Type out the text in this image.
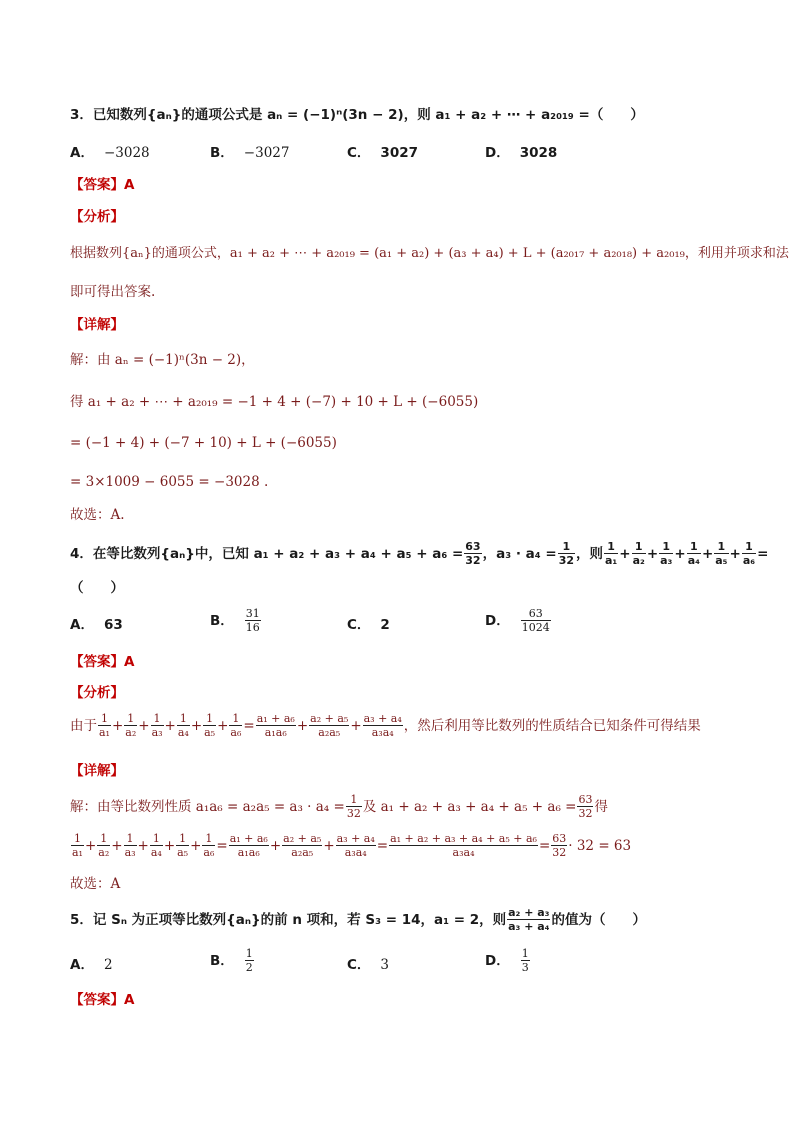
3．已知数列{aₙ}的通项公式是 aₙ = (−1)ⁿ(3n − 2)，则 a₁ + a₂ + ⋯ + a₂₀₁₉ =（　　）
A． −3028	B． −3027	C． 3027	D． 3028
【答案】A
【分析】
根据数列{aₙ}的通项公式，a₁ + a₂ + ⋯ + a₂₀₁₉ = (a₁ + a₂) + (a₃ + a₄) + L + (a₂₀₁₇ + a₂₀₁₈) + a₂₀₁₉，利用并项求和法
即可得出答案.
【详解】
解：由 aₙ = (−1)ⁿ(3n − 2)，
得 a₁ + a₂ + ⋯ + a₂₀₁₉ = −1 + 4 + (−7) + 10 + L + (−6055)
= (−1 + 4) + (−7 + 10) + L + (−6055)
= 3×1009 − 6055 = −3028 .
故选：A.
4．在等比数列{aₙ}中，已知 $a_1 + a_2 + a_3 + a_4 + a_5 + a_6 = \frac{63}{32}$ ，$a_3 \cdot a_4 = \frac{1}{32}$ ，则 $\frac{1}{\text{a₁}} + \frac{1}{\text{a₂}} + \frac{1}{\text{a₃}} + \frac{1}{\text{a₄}} + \frac{1}{\text{a₅}} + \frac{1}{\text{a₆}}$ =
（　　）
A． 63	B． $\frac{31}{16}$	C． 2	D． $\frac{63}{1024}$
【答案】A
【分析】
由于 $\frac{1}{\text{a₁}} + \frac{1}{\text{a₂}} + \frac{1}{\text{a₃}} + \frac{1}{\text{a₄}} + \frac{1}{\text{a₅}} + \frac{1}{\text{a₆}} = \frac{\text{a₁ + a₆}}{\text{a₁a₆}} + \frac{\text{a₂ + a₅}}{\text{a₂a₅}} + \frac{\text{a₃ + a₄}}{\text{a₃a₄}}$ ，然后利用等比数列的性质结合已知条件可得结果
【详解】
解：由等比数列性质 $a_1a_6 = a_2a_5 = a_3 \cdot a_4 = \frac{1}{32}$ 及 $a_1 + a_2 + a_3 + a_4 + a_5 + a_6 = \frac{63}{32}$ 得
$\frac{1}{\text{a₁}} + \frac{1}{\text{a₂}} + \frac{1}{\text{a₃}} + \frac{1}{\text{a₄}} + \frac{1}{\text{a₅}} + \frac{1}{\text{a₆}} = \frac{\text{a₁ + a₆}}{\text{a₁a₆}} + \frac{\text{a₂ + a₅}}{\text{a₂a₅}} + \frac{\text{a₃ + a₄}}{\text{a₃a₄}} = \frac{\text{a₁ + a₂ + a₃ + a₄ + a₅ + a₆}}{\text{a₃a₄}} = \frac{63}{32} \cdot 32 = 63$
故选：A
5．记 Sₙ 为正项等比数列{aₙ}的前 n 项和，若 S₃ = 14，a₁ = 2，则 $\frac{\text{a₂ + a₃}}{\text{a₃ + a₄}}$ 的值为（　　）
A． 2	B． $\frac{1}{2}$	C． 3	D． $\frac{1}{3}$
【答案】A
